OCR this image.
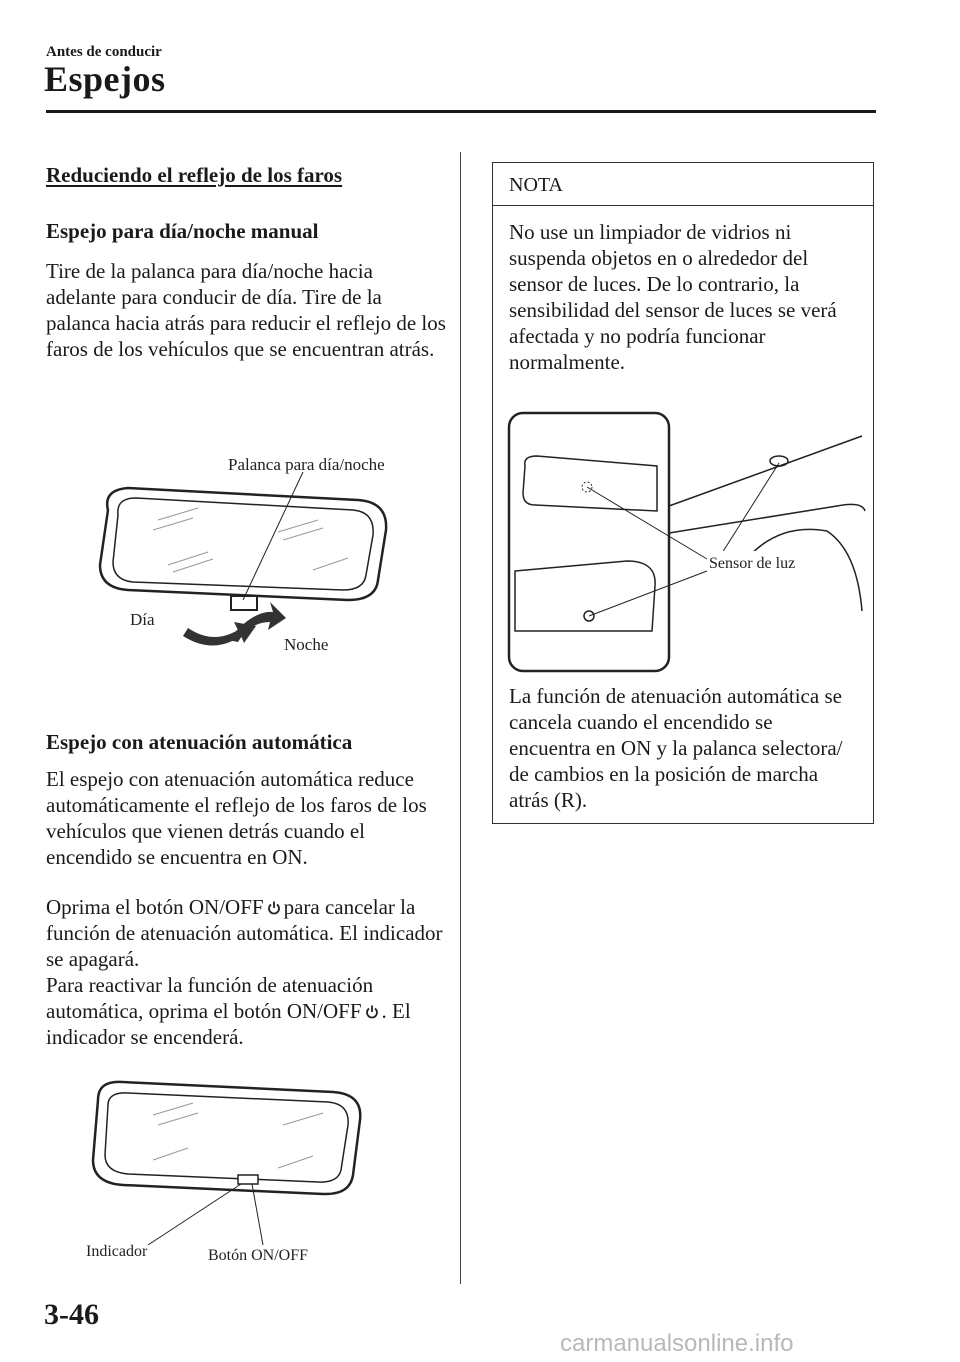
Antes de conducir
Espejos
Reduciendo el reflejo de los faros
Espejo para día/noche manual
Tire de la palanca para día/noche hacia adelante para conducir de día. Tire de la palanca hacia atrás para reducir el reflejo de los faros de los vehículos que se encuentran atrás.
Palanca para día/noche
Día
Noche
Espejo con atenuación automática
El espejo con atenuación automática reduce automáticamente el reflejo de los faros de los vehículos que vienen detrás cuando el encendido se encuentra en ON.
Oprima el botón ON/OFF para cancelar la función de atenuación automática. El indicador se apagará.
Para reactivar la función de atenuación automática, oprima el botón ON/OFF . El indicador se encenderá.
Indicador	Botón ON/OFF
NOTA
No use un limpiador de vidrios ni suspenda objetos en o alrededor del sensor de luces. De lo contrario, la sensibilidad del sensor de luces se verá afectada y no podría funcionar normalmente.
Sensor de luz
La función de atenuación automática se cancela cuando el encendido se encuentra en ON y la palanca selectora/ de cambios en la posición de marcha atrás (R).
3-46
carmanualsonline.info
